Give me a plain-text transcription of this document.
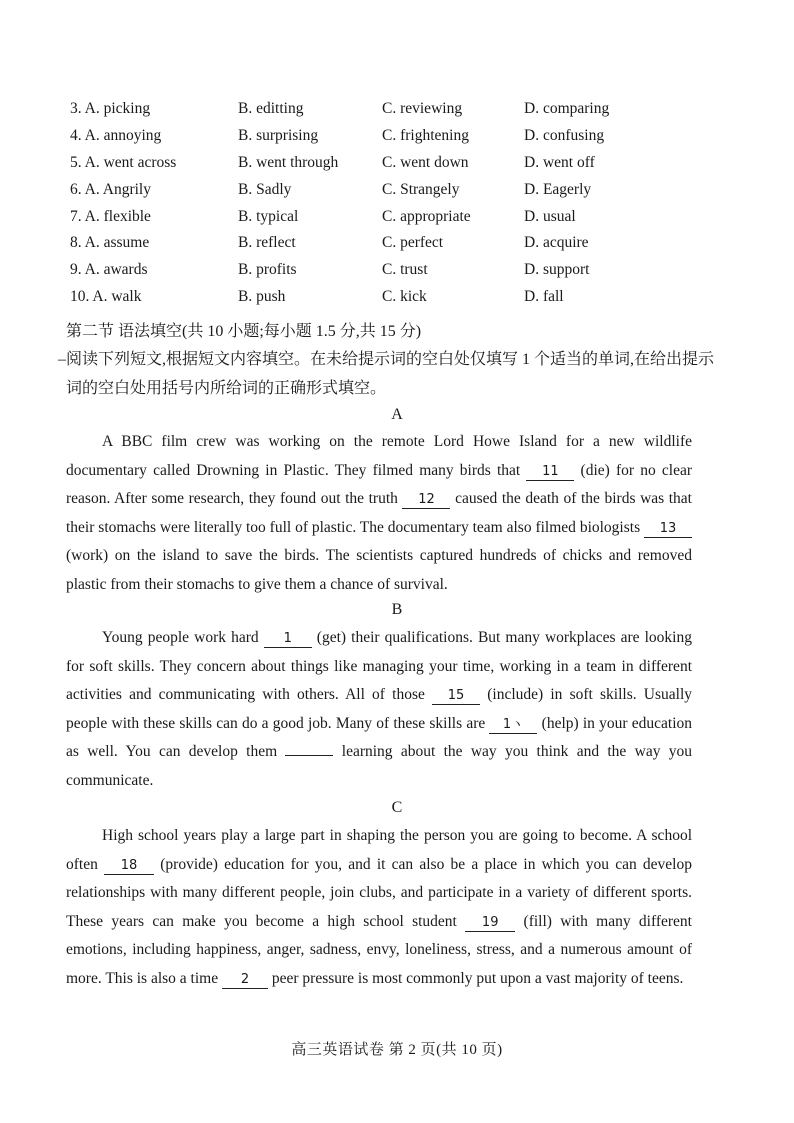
3. A. picking	B. editting	C. reviewing	D. comparing
4. A. annoying	B. surprising	C. frightening	D. confusing
5. A. went across	B. went through	C. went down	D. went off
6. A. Angrily	B. Sadly	C. Strangely	D. Eagerly
7. A. flexible	B. typical	C. appropriate	D. usual
8. A. assume	B. reflect	C. perfect	D. acquire
9. A. awards	B. profits	C. trust	D. support
10. A. walk	B. push	C. kick	D. fall
第二节 语法填空(共 10 小题;每小题 1.5 分,共 15 分)
–阅读下列短文,根据短文内容填空。在未给提示词的空白处仅填写 1 个适当的单词,在给出提示词的空白处用括号内所给词的正确形式填空。
A
A BBC film crew was working on the remote Lord Howe Island for a new wildlife documentary called Drowning in Plastic. They filmed many birds that 11 (die) for no clear reason. After some research, they found out the truth 12 caused the death of the birds was that their stomachs were literally too full of plastic. The documentary team also filmed biologists 13 (work) on the island to save the birds. The scientists captured hundreds of chicks and removed plastic from their stomachs to give them a chance of survival.
B
Young people work hard 1 (get) their qualifications. But many workplaces are looking for soft skills. They concern about things like managing your time, working in a team in different activities and communicating with others. All of those 15 (include) in soft skills. Usually people with these skills can do a good job. Many of these skills are 1ヽ (help) in your education as well. You can develop them	learning about the way you think and the way you communicate.
C
High school years play a large part in shaping the person you are going to become. A school often 18 (provide) education for you, and it can also be a place in which you can develop relationships with many different people, join clubs, and participate in a variety of different sports. These years can make you become a high school student 19 (fill) with many different emotions, including happiness, anger, sadness, envy, loneliness, stress, and a numerous amount of more. This is also a time 2 peer pressure is most commonly put upon a vast majority of teens.
高三英语试卷 第 2 页(共 10 页)
